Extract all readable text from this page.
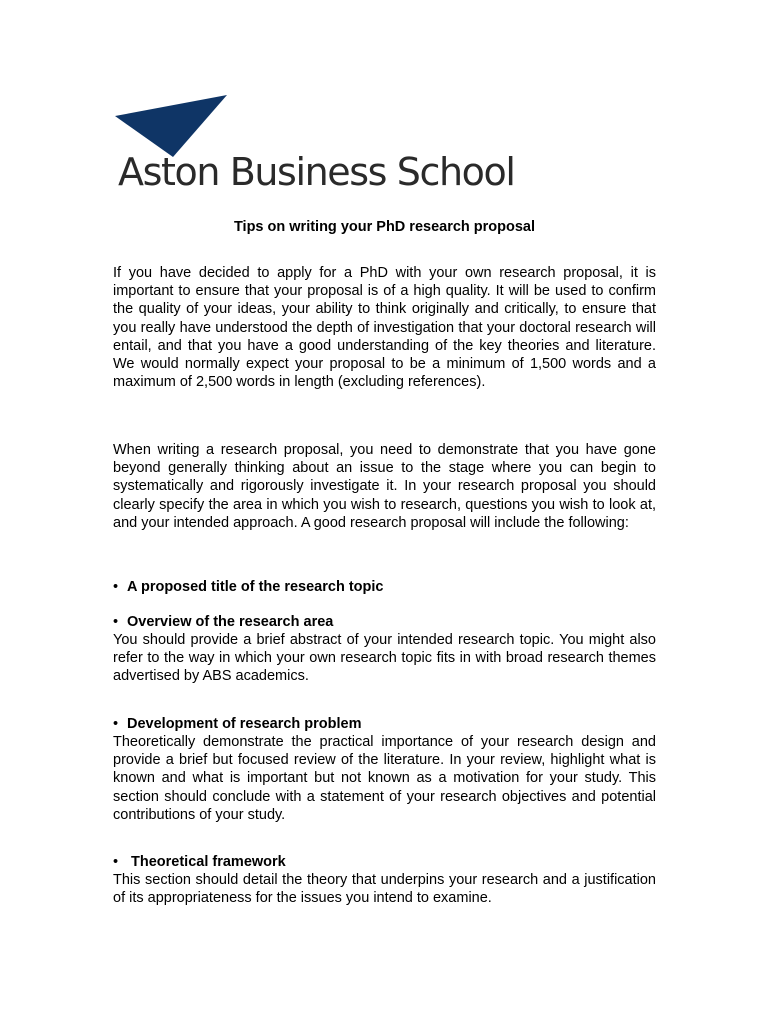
Aston Business School
Tips on writing your PhD research proposal

If you have decided to apply for a PhD with your own research proposal, it is important to ensure that your proposal is of a high quality. It will be used to confirm the quality of your ideas, your ability to think originally and critically, to ensure that you really have understood the depth of investigation that your doctoral research will entail, and that you have a good understanding of the key theories and literature. We would normally expect your proposal to be a minimum of 1,500 words and a maximum of 2,500 words in length (excluding references).

When writing a research proposal, you need to demonstrate that you have gone beyond generally thinking about an issue to the stage where you can begin to systematically and rigorously investigate it. In your research proposal you should clearly specify the area in which you wish to research, questions you wish to look at, and your intended approach. A good research proposal will include the following:

• A proposed title of the research topic

• Overview of the research area

You should provide a brief abstract of your intended research topic. You might also refer to the way in which your own research topic fits in with broad research themes advertised by ABS academics.

• Development of research problem

Theoretically demonstrate the practical importance of your research design and provide a brief but focused review of the literature. In your review, highlight what is known and what is important but not known as a motivation for your study. This section should conclude with a statement of your research objectives and potential contributions of your study.

• Theoretical framework

This section should detail the theory that underpins your research and a justification of its appropriateness for the issues you intend to examine.
